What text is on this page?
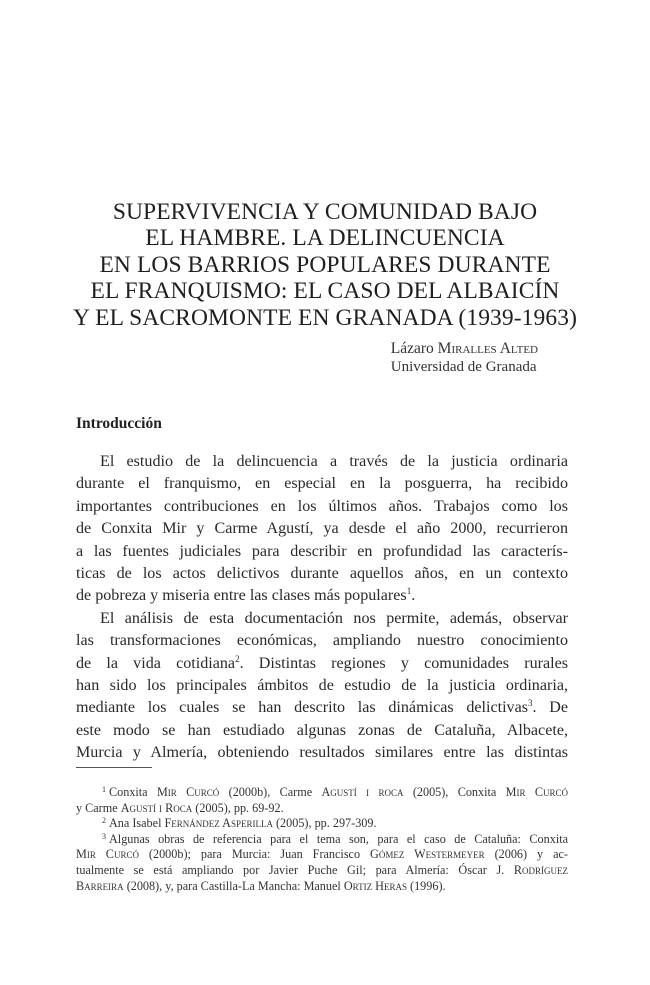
SUPERVIVENCIA Y COMUNIDAD BAJO
EL HAMBRE. LA DELINCUENCIA
EN LOS BARRIOS POPULARES DURANTE
EL FRANQUISMO: EL CASO DEL ALBAICÍN
Y EL SACROMONTE EN GRANADA (1939-1963)
Lázaro Miralles Alted
Universidad de Granada
Introducción
El estudio de la delincuencia a través de la justicia ordinaria
durante el franquismo, en especial en la posguerra, ha recibido
importantes contribuciones en los últimos años. Trabajos como los
de Conxita Mir y Carme Agustí, ya desde el año 2000, recurrieron
a las fuentes judiciales para describir en profundidad las caracterís-
ticas de los actos delictivos durante aquellos años, en un contexto
de pobreza y miseria entre las clases más populares$^1$.
El análisis de esta documentación nos permite, además, observar
las transformaciones económicas, ampliando nuestro conocimiento
de la vida cotidiana$^2$. Distintas regiones y comunidades rurales
han sido los principales ámbitos de estudio de la justicia ordinaria,
mediante los cuales se han descrito las dinámicas delictivas$^3$. De
este modo se han estudiado algunas zonas de Cataluña, Albacete,
Murcia y Almería, obteniendo resultados similares entre las distintas
$^1$ Conxita Mir Curcó (2000b), Carme Agustí i roca (2005), Conxita Mir Curcó
y Carme Agustí i Roca (2005), pp. 69-92.
$^2$ Ana Isabel Fernández Asperilla (2005), pp. 297-309.
$^3$ Algunas obras de referencia para el tema son, para el caso de Cataluña: Conxita
Mir Curcó (2000b); para Murcia: Juan Francisco Gómez Westermeyer (2006) y ac-
tualmente se está ampliando por Javier Puche Gil; para Almería: Óscar J. Rodríguez
Barreira (2008), y, para Castilla-La Mancha: Manuel Ortiz Heras (1996).
